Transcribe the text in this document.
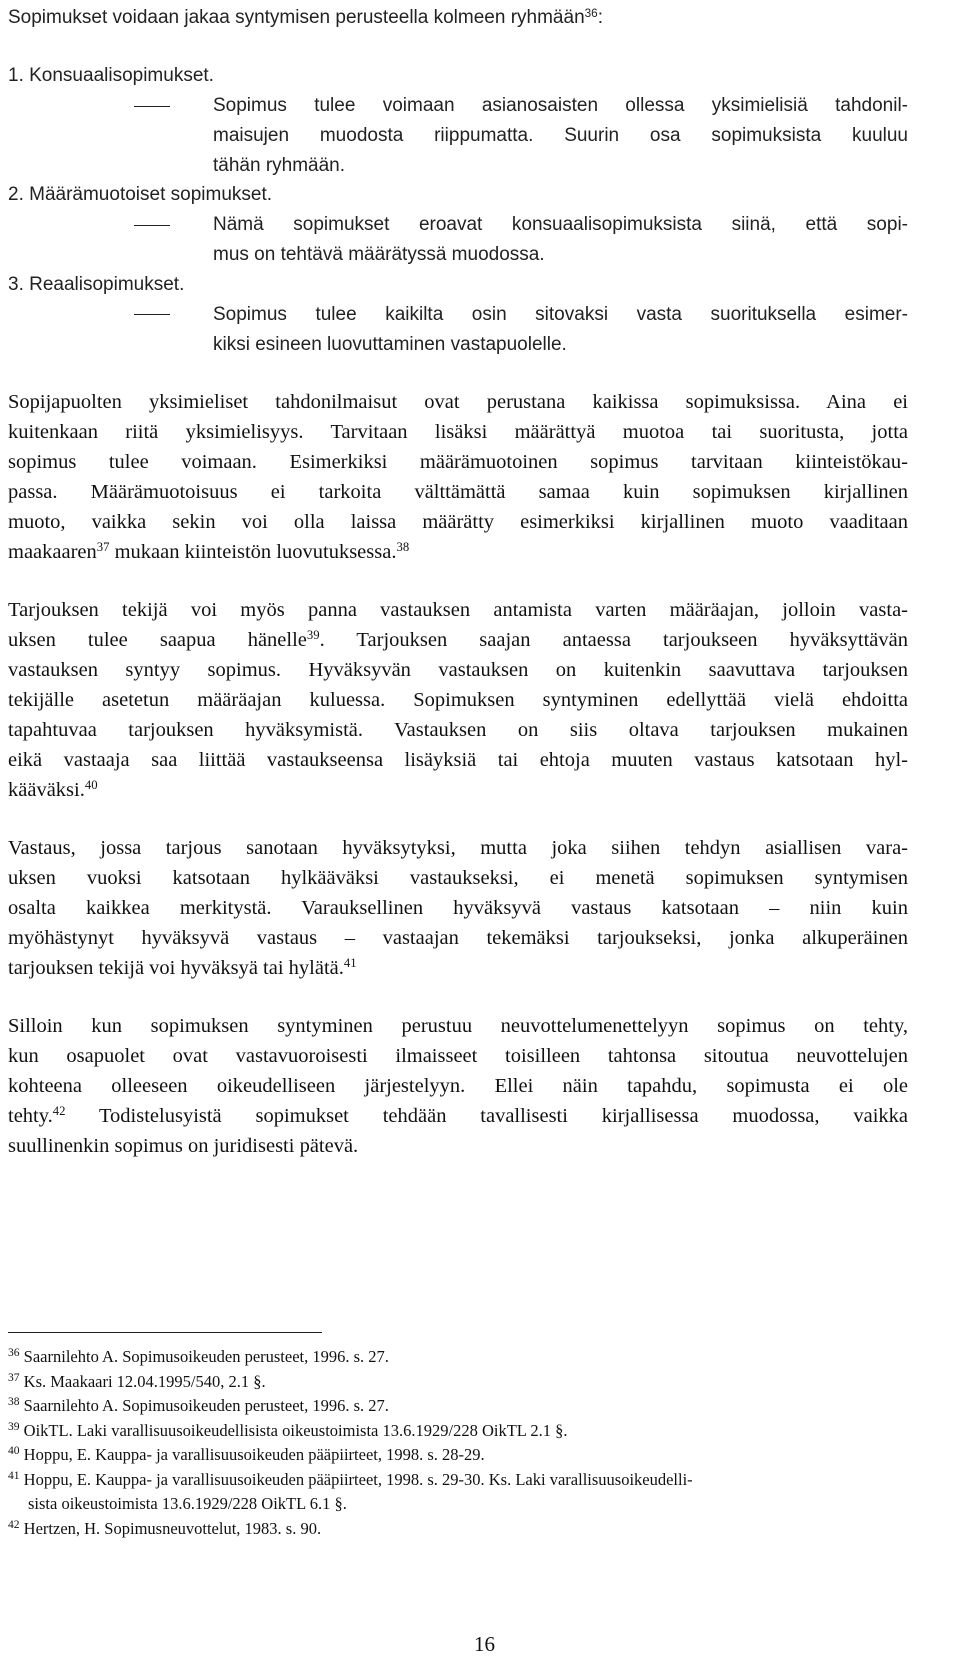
Sopimukset voidaan jakaa syntymisen perusteella kolmeen ryhmään$^{36}$:
1. Konsuaalisopimukset.
Sopimus tulee voimaan asianosaisten ollessa yksimielisiä tahdonil-
maisujen muodosta riippumatta. Suurin osa sopimuksista kuuluu
tähän ryhmään.
2. Määrämuotoiset sopimukset.
Nämä sopimukset eroavat konsuaalisopimuksista siinä, että sopi-
mus on tehtävä määrätyssä muodossa.
3. Reaalisopimukset.
Sopimus tulee kaikilta osin sitovaksi vasta suorituksella esimer-
kiksi esineen luovuttaminen vastapuolelle.
Sopijapuolten yksimieliset tahdonilmaisut ovat perustana kaikissa sopimuksissa. Aina ei
kuitenkaan riitä yksimielisyys. Tarvitaan lisäksi määrättyä muotoa tai suoritusta, jotta
sopimus tulee voimaan. Esimerkiksi määrämuotoinen sopimus tarvitaan kiinteistökau-
passa. Määrämuotoisuus ei tarkoita välttämättä samaa kuin sopimuksen kirjallinen
muoto, vaikka sekin voi olla laissa määrätty esimerkiksi kirjallinen muoto vaaditaan
maakaaren$^{37}$ mukaan kiinteistön luovutuksessa.$^{38}$
Tarjouksen tekijä voi myös panna vastauksen antamista varten määräajan, jolloin vasta-
uksen tulee saapua hänelle$^{39}$. Tarjouksen saajan antaessa tarjoukseen hyväksyttävän
vastauksen syntyy sopimus. Hyväksyvän vastauksen on kuitenkin saavuttava tarjouksen
tekijälle asetetun määräajan kuluessa. Sopimuksen syntyminen edellyttää vielä ehdoitta
tapahtuvaa tarjouksen hyväksymistä. Vastauksen on siis oltava tarjouksen mukainen
eikä vastaaja saa liittää vastaukseensa lisäyksiä tai ehtoja muuten vastaus katsotaan hyl-
kääväksi.$^{40}$
Vastaus, jossa tarjous sanotaan hyväksytyksi, mutta joka siihen tehdyn asiallisen vara-
uksen vuoksi katsotaan hylkääväksi vastaukseksi, ei menetä sopimuksen syntymisen
osalta kaikkea merkitystä. Varauksellinen hyväksyvä vastaus katsotaan – niin kuin
myöhästynyt hyväksyvä vastaus – vastaajan tekemäksi tarjoukseksi, jonka alkuperäinen
tarjouksen tekijä voi hyväksyä tai hylätä.$^{41}$
Silloin kun sopimuksen syntyminen perustuu neuvottelumenettelyyn sopimus on tehty,
kun osapuolet ovat vastavuoroisesti ilmaisseet toisilleen tahtonsa sitoutua neuvottelujen
kohteena olleeseen oikeudelliseen järjestelyyn. Ellei näin tapahdu, sopimusta ei ole
tehty.$^{42}$ Todistelusyistä sopimukset tehdään tavallisesti kirjallisessa muodossa, vaikka
suullinenkin sopimus on juridisesti pätevä.
$^{36}$ Saarnilehto A. Sopimusoikeuden perusteet, 1996. s. 27.
$^{37}$ Ks. Maakaari 12.04.1995/540, 2.1 §.
$^{38}$ Saarnilehto A. Sopimusoikeuden perusteet, 1996. s. 27.
$^{39}$ OikTL. Laki varallisuusoikeudellisista oikeustoimista 13.6.1929/228 OikTL 2.1 §.
$^{40}$ Hoppu, E. Kauppa- ja varallisuusoikeuden pääpiirteet, 1998. s. 28-29.
$^{41}$ Hoppu, E. Kauppa- ja varallisuusoikeuden pääpiirteet, 1998. s. 29-30. Ks. Laki varallisuusoikeudelli-
sista oikeustoimista 13.6.1929/228 OikTL 6.1 §.
$^{42}$ Hertzen, H. Sopimusneuvottelut, 1983. s. 90.
16
